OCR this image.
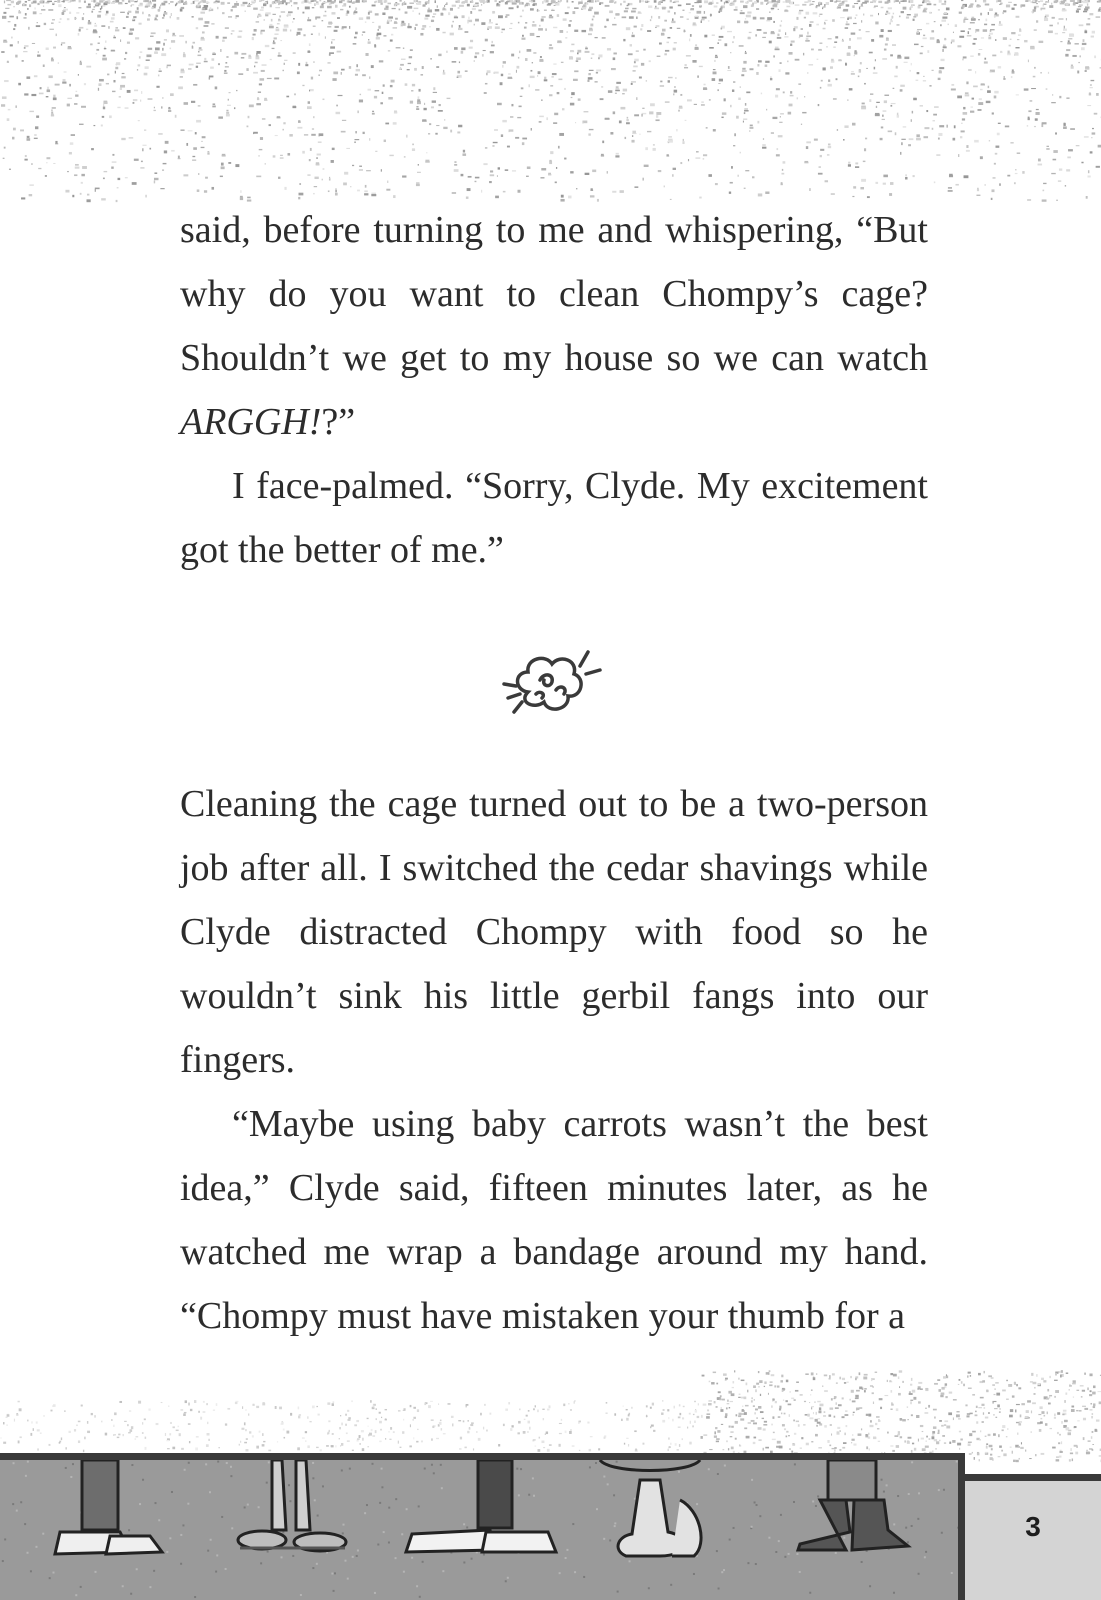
said, before turning to me and whispering, “But why do you want to clean Chompy’s cage? Shouldn’t we get to my house so we can watch ARGGH!?”

I face-palmed. “Sorry, Clyde. My excitement got the better of me.”

Cleaning the cage turned out to be a two-person job after all. I switched the cedar shavings while Clyde distracted Chompy with food so he wouldn’t sink his little gerbil fangs into our fingers.

“Maybe using baby carrots wasn’t the best idea,” Clyde said, fifteen minutes later, as he watched me wrap a bandage around my hand. “Chompy must have mistaken your thumb for a

3
